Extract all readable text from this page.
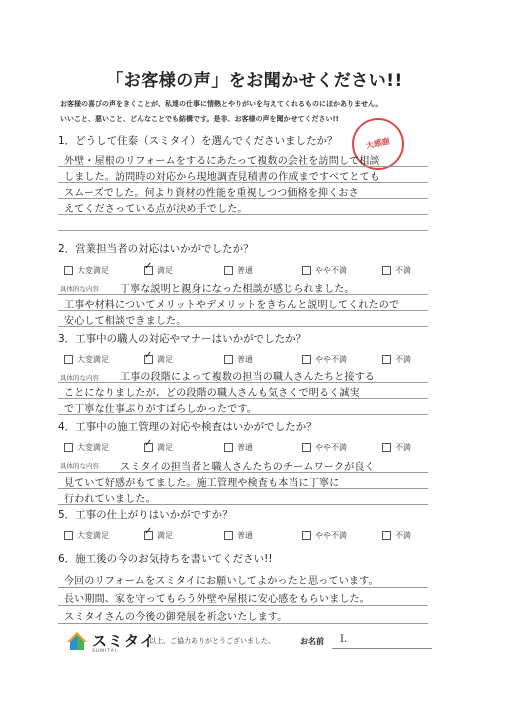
「お客様の声」をお聞かせください!!
お客様の喜びの声をきくことが、私達の仕事に情熱とやりがいを与えてくれるものにほかありません。
いいこと、悪いこと、どんなことでも結構です。是非、お客様の声を聞かせてください!!
大感謝
1．どうして住泰（スミタイ）を選んでくださいましたか？
外壁・屋根のリフォームをするにあたって複数の会社を訪問して相談
しました。訪問時の対応から現地調査見積書の作成まですべてとても
スムーズでした。何より資材の性能を重視しつつ価格を抑くおさ
えてくださっている点が決め手でした。
2．営業担当者の対応はいかがでしたか？
大変満足 ✓	満足	普通	やや不満	不満
具体的な内容 丁寧な説明と親身になった相談が感じられました。
工事や材料についてメリットやデメリットをきちんと説明してくれたので
安心して相談できました。
3．工事中の職人の対応やマナーはいかがでしたか？
大変満足 ✓	満足	普通	やや不満	不満
具体的な内容 工事の段階によって複数の担当の職人さんたちと接する
ことになりましたが、どの段階の職人さんも気さくで明るく誠実
で丁寧な仕事ぶりがすばらしかったです。
4．工事中の施工管理の対応や検査はいかがでしたか？
大変満足 ✓	満足	普通	やや不満	不満
具体的な内容 スミタイの担当者と職人さんたちのチームワークが良く
見ていて好感がもてました。施工管理や検査も本当に丁寧に
行われていました。
5．工事の仕上がりはいかがですか？
大変満足 ✓	満足	普通	やや不満	不満
6．施工後の今のお気持ちを書いてください!!
今回のリフォームをスミタイにお願いしてよかったと思っています。
長い期間、家を守ってもらう外壁や屋根に安心感をもらいました。
スミタイさんの今後の御発展を祈念いたします。
スミタイ
SUMITAI
以上、ご協力ありがとうございました。	お名前 I．
